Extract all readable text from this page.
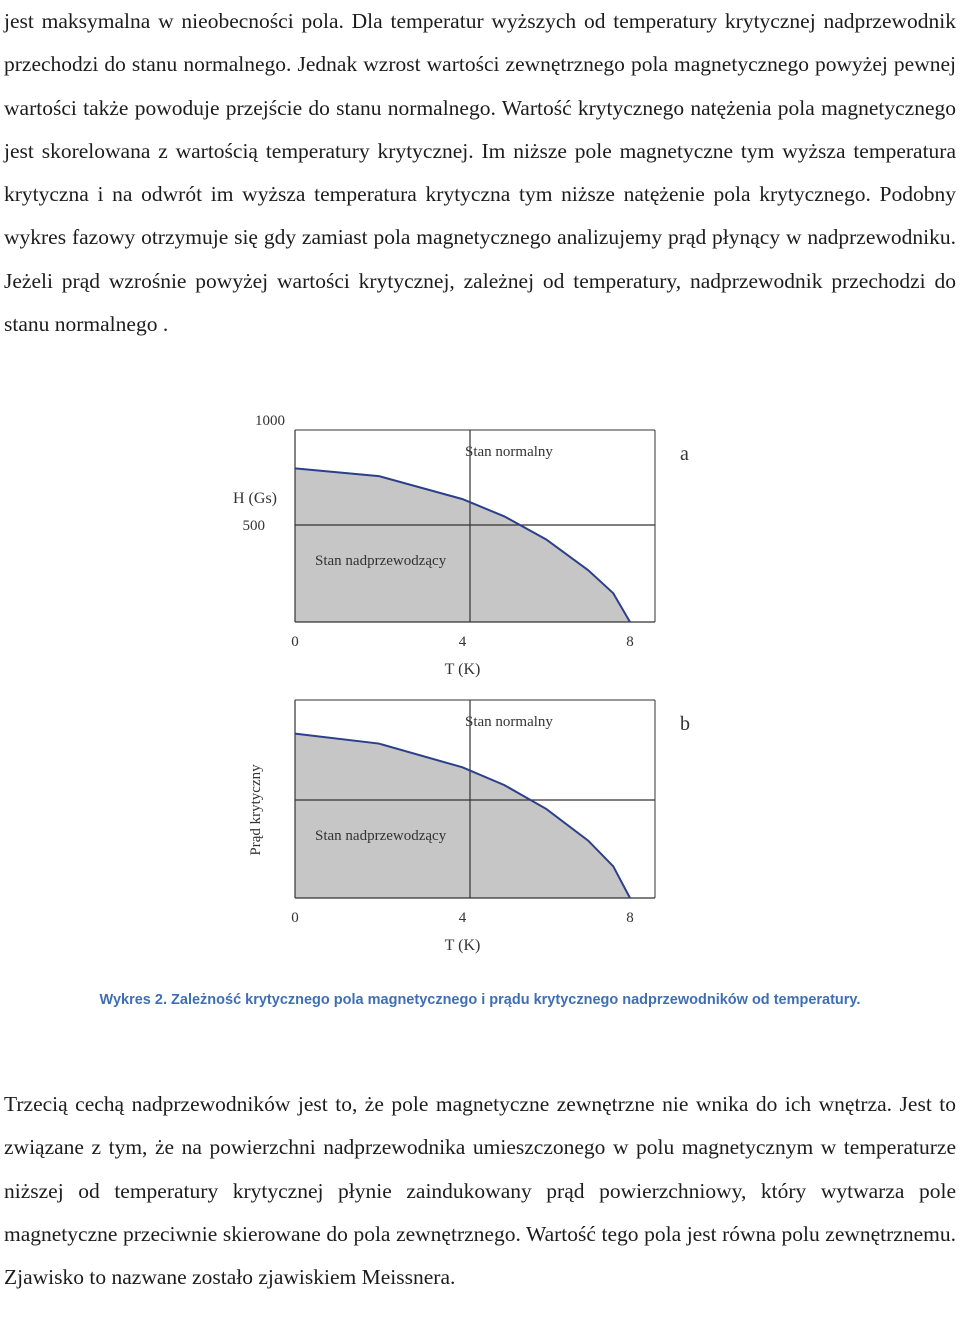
jest maksymalna w nieobecności pola. Dla temperatur wyższych od temperatury krytycznej nadprzewodnik przechodzi do stanu normalnego. Jednak wzrost wartości zewnętrznego pola magnetycznego powyżej pewnej wartości także powoduje przejście do stanu normalnego. Wartość krytycznego natężenia pola magnetycznego jest skorelowana z wartością temperatury krytycznej. Im niższe pole magnetyczne tym wyższa temperatura krytyczna i na odwrót im wyższa temperatura krytyczna tym niższe natężenie pola krytycznego. Podobny wykres fazowy otrzymuje się gdy zamiast pola magnetycznego analizujemy prąd płynący w nadprzewodniku. Jeżeli prąd wzrośnie powyżej wartości krytycznej, zależnej od temperatury, nadprzewodnik przechodzi do stanu normalnego .

0	4	8
T (K)
Stan normalny
Stan nadprzewodzący
a
1000
500
H (Gs)
0	4	8
T (K)
Stan normalny
Stan nadprzewodzący
b
Prąd krytyczny

Wykres 2. Zależność krytycznego pola magnetycznego i prądu krytycznego nadprzewodników od temperatury.

Trzecią cechą nadprzewodników jest to, że pole magnetyczne zewnętrzne nie wnika do ich wnętrza. Jest to związane z tym, że na powierzchni nadprzewodnika umieszczonego w polu magnetycznym w temperaturze niższej od temperatury krytycznej płynie zaindukowany prąd powierzchniowy, który wytwarza pole magnetyczne przeciwnie skierowane do pola zewnętrznego. Wartość tego pola jest równa polu zewnętrznemu. Zjawisko to nazwane zostało zjawiskiem Meissnera.
